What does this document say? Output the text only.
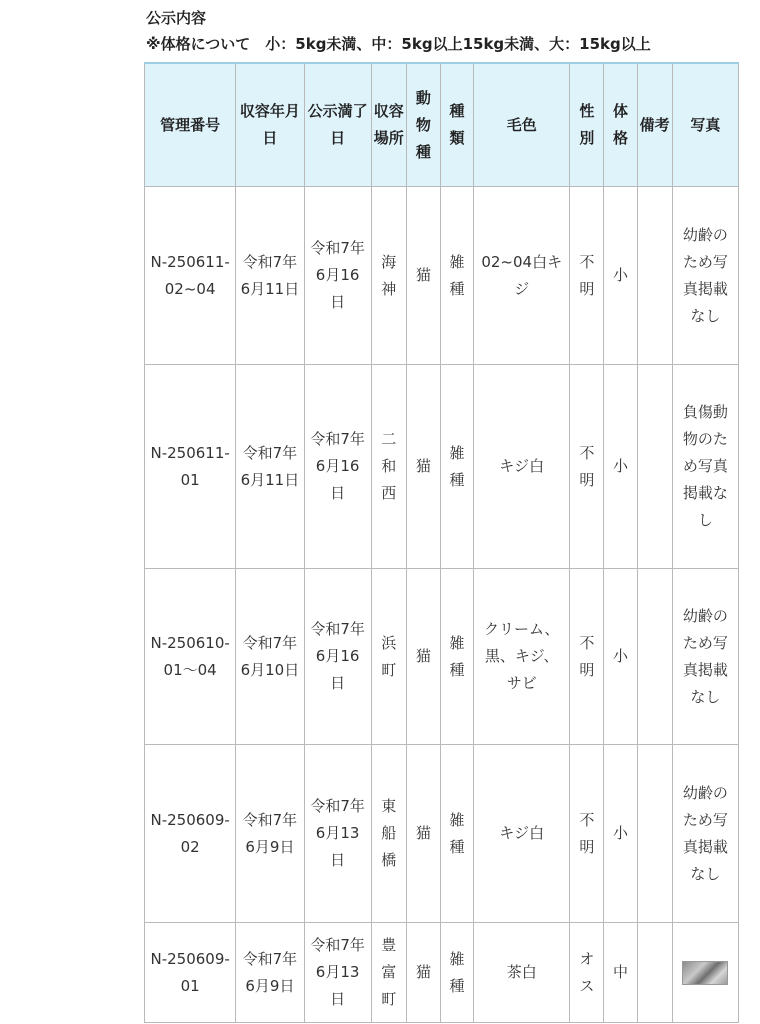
公示内容

※体格について　小：5kg未満、中：5kg以上15kg未満、大：15kg以上

管理番号	収容年月日	公示満了日	収容場所	動物種	種類	毛色	性別	体格	備考	写真
N-250611-02~04	令和7年6月11日	令和7年6月16日	海神	猫	雑種	02~04白キジ	不明	小		幼齢のため写真掲載なし
N-250611-01	令和7年6月11日	令和7年6月16日	二和西	猫	雑種	キジ白	不明	小		負傷動物のため写真掲載なし
N-250610-01～04	令和7年6月10日	令和7年6月16日	浜町	猫	雑種	クリーム、黒、キジ、サビ	不明	小		幼齢のため写真掲載なし
N-250609-02	令和7年6月9日	令和7年6月13日	東船橋	猫	雑種	キジ白	不明	小		幼齢のため写真掲載なし
N-250609-01	令和7年6月9日	令和7年6月13日	豊富町	猫	雑種	茶白	オス	中		
